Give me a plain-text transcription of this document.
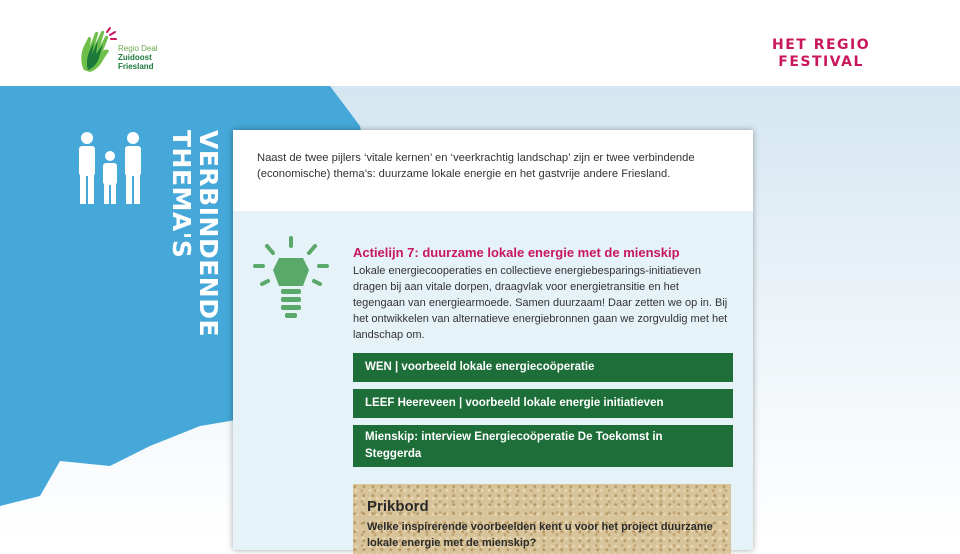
Regio Deal
Zuidoost
Friesland
HET REGIO
FESTIVAL
VERBINDENDE
THEMA'S	Naast de twee pijlers ‘vitale kernen’ en ‘veerkrachtig landschap’ zijn er twee verbindende (economische) thema’s: duurzame lokale energie en het gastvrije andere Friesland.
Actielijn 7: duurzame lokale energie met de mienskip
Lokale energiecooperaties en collectieve energiebesparings-initiatieven dragen bij aan vitale dorpen, draagvlak voor energietransitie en het tegengaan van energiearmoede. Samen duurzaam! Daar zetten we op in. Bij het ontwikkelen van alternatieve energiebronnen gaan we zorgvuldig met het landschap om.
WEN | voorbeeld lokale energiecoöperatie
LEEF Heereveen | voorbeeld lokale energie initiatieven
Mienskip: interview Energiecoöperatie De Toekomst in Steggerda
Prikbord
Welke inspirerende voorbeelden kent u voor het project duurzame lokale energie met de mienskip?
